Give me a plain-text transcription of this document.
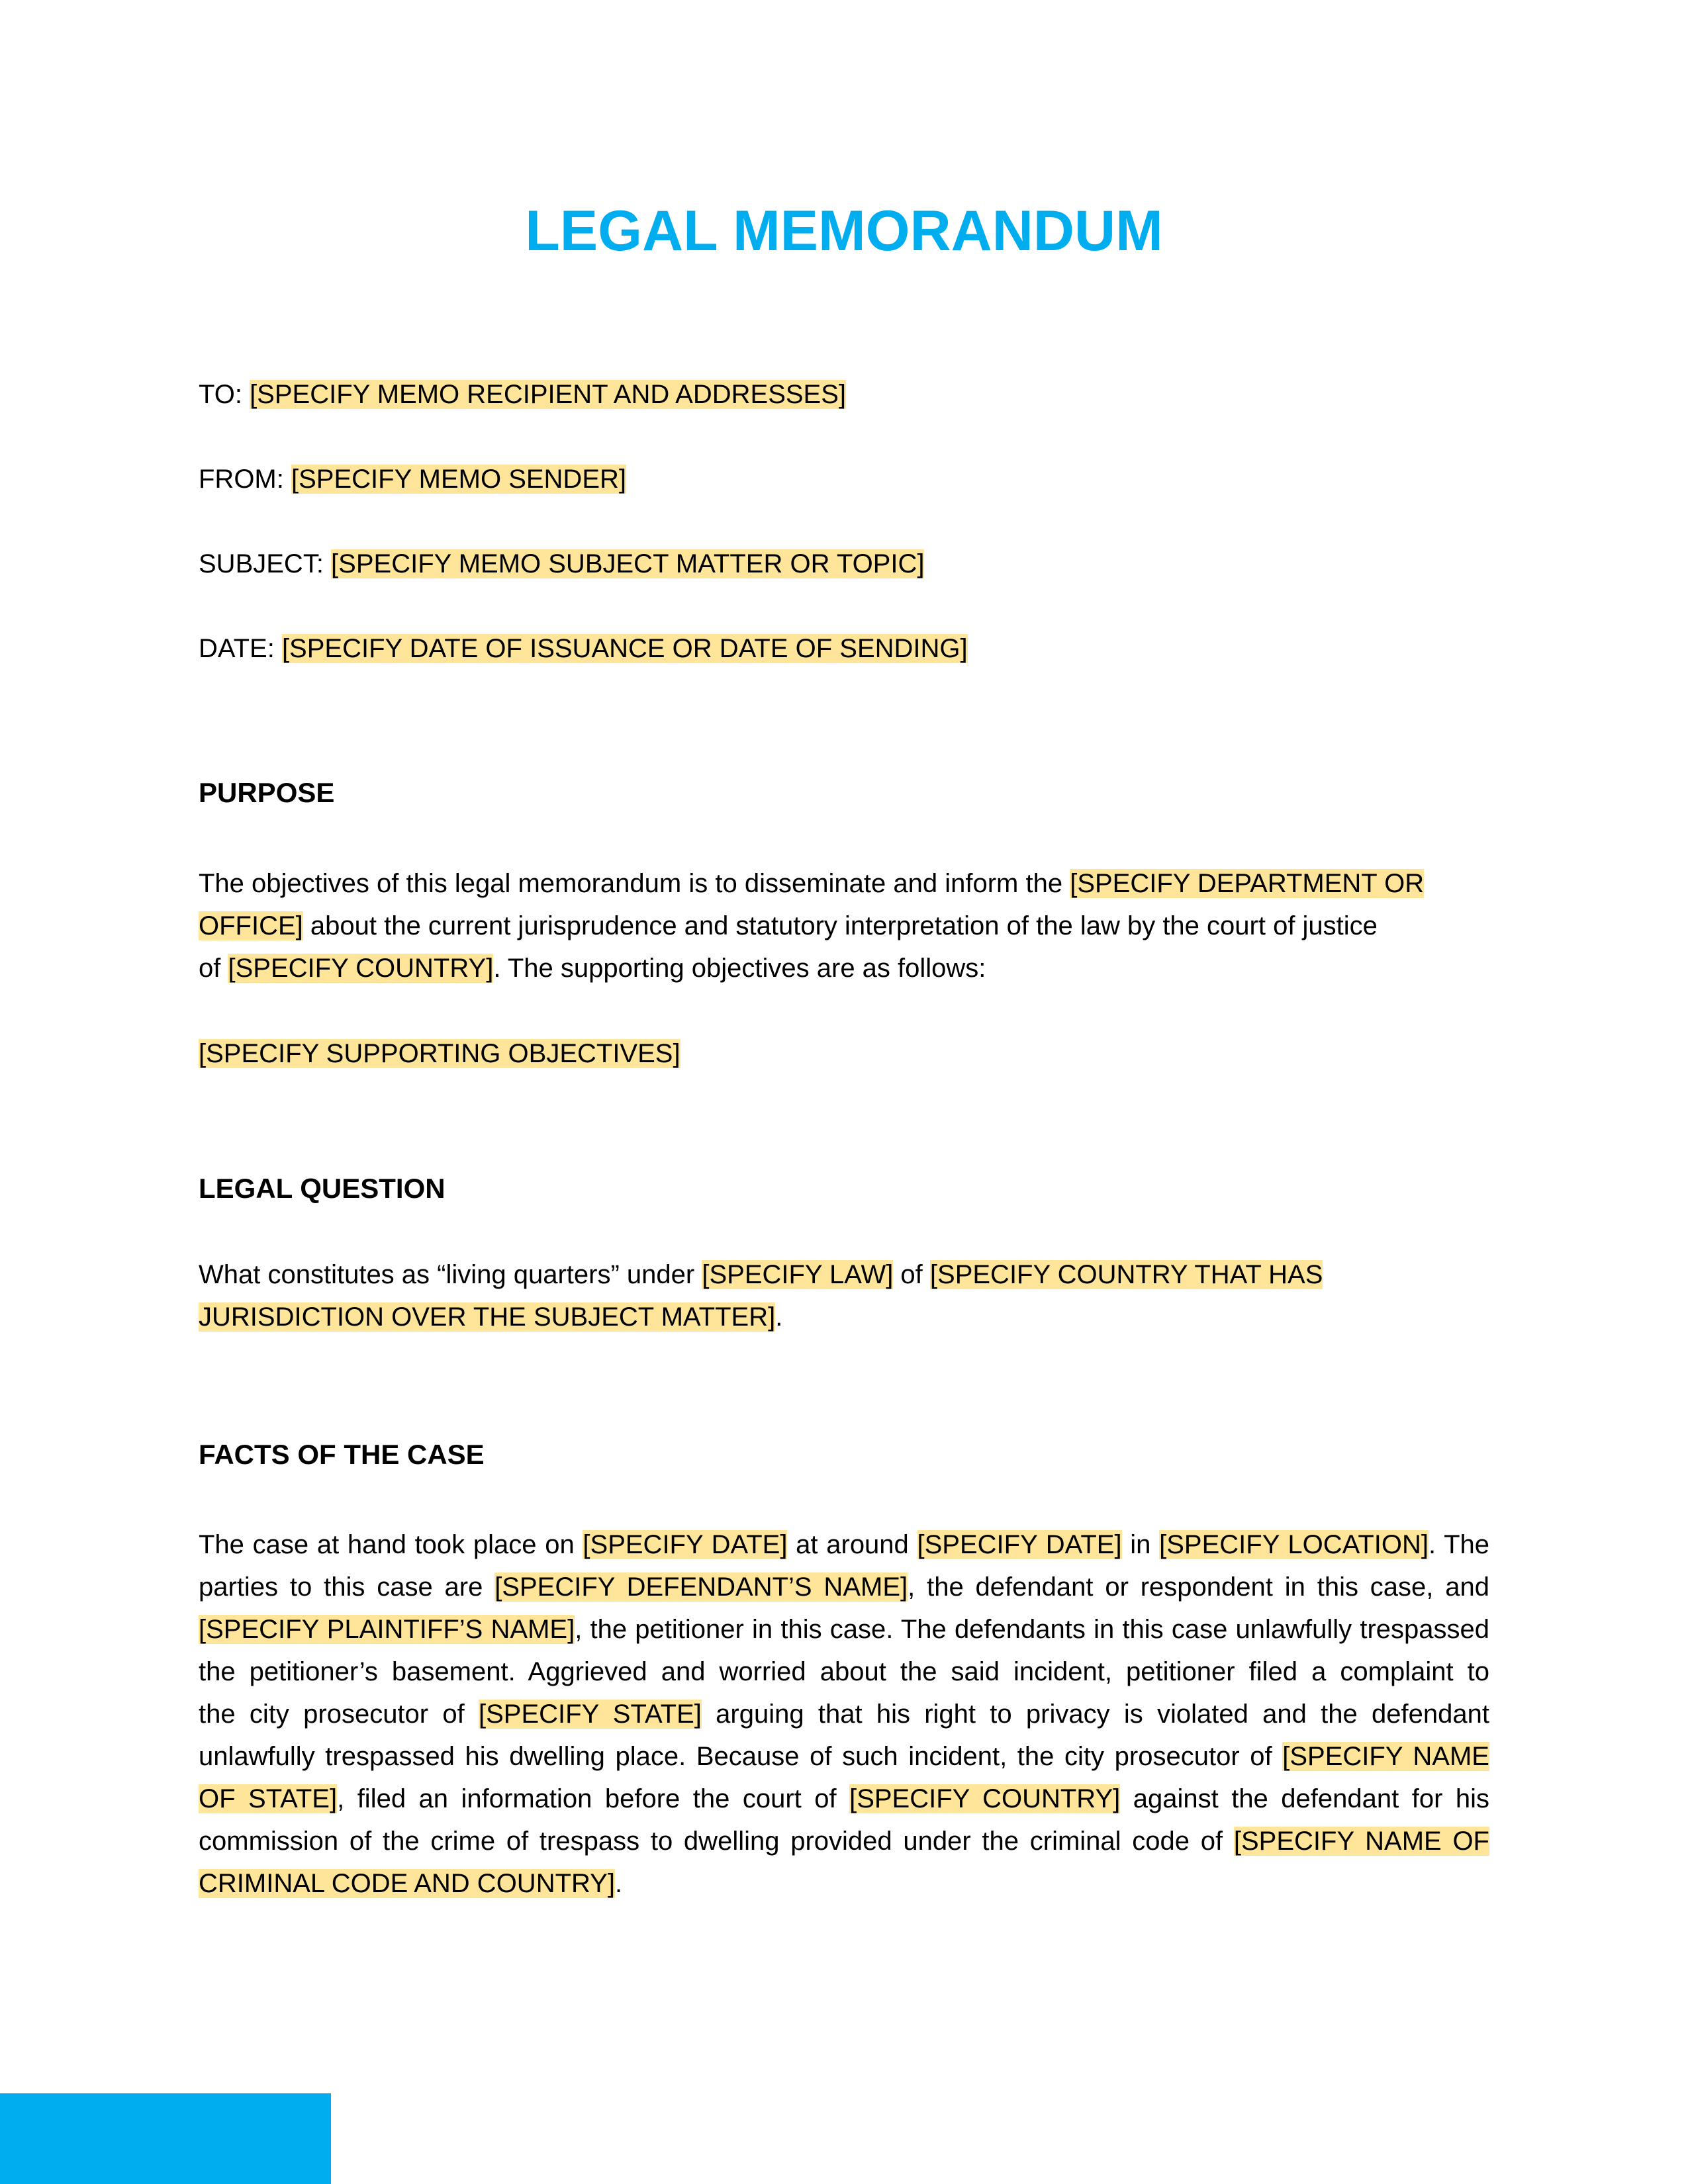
LEGAL MEMORANDUM
TO: [SPECIFY MEMO RECIPIENT AND ADDRESSES]
FROM: [SPECIFY MEMO SENDER]
SUBJECT: [SPECIFY MEMO SUBJECT MATTER OR TOPIC]
DATE: [SPECIFY DATE OF ISSUANCE OR DATE OF SENDING]
PURPOSE
The objectives of this legal memorandum is to disseminate and inform the [SPECIFY DEPARTMENT OR
OFFICE] about the current jurisprudence and statutory interpretation of the law by the court of justice
of [SPECIFY COUNTRY]. The supporting objectives are as follows:
[SPECIFY SUPPORTING OBJECTIVES]
LEGAL QUESTION
What constitutes as “living quarters” under [SPECIFY LAW] of [SPECIFY COUNTRY THAT HAS
JURISDICTION OVER THE SUBJECT MATTER].
FACTS OF THE CASE
The case at hand took place on [SPECIFY DATE] at around [SPECIFY DATE] in [SPECIFY LOCATION]. The
parties to this case are [SPECIFY DEFENDANT’S NAME], the defendant or respondent in this case, and
[SPECIFY PLAINTIFF’S NAME], the petitioner in this case. The defendants in this case unlawfully trespassed
the petitioner’s basement. Aggrieved and worried about the said incident, petitioner filed a complaint to
the city prosecutor of [SPECIFY STATE] arguing that his right to privacy is violated and the defendant
unlawfully trespassed his dwelling place. Because of such incident, the city prosecutor of [SPECIFY NAME
OF STATE], filed an information before the court of [SPECIFY COUNTRY] against the defendant for his
commission of the crime of trespass to dwelling provided under the criminal code of [SPECIFY NAME OF
CRIMINAL CODE AND COUNTRY].
